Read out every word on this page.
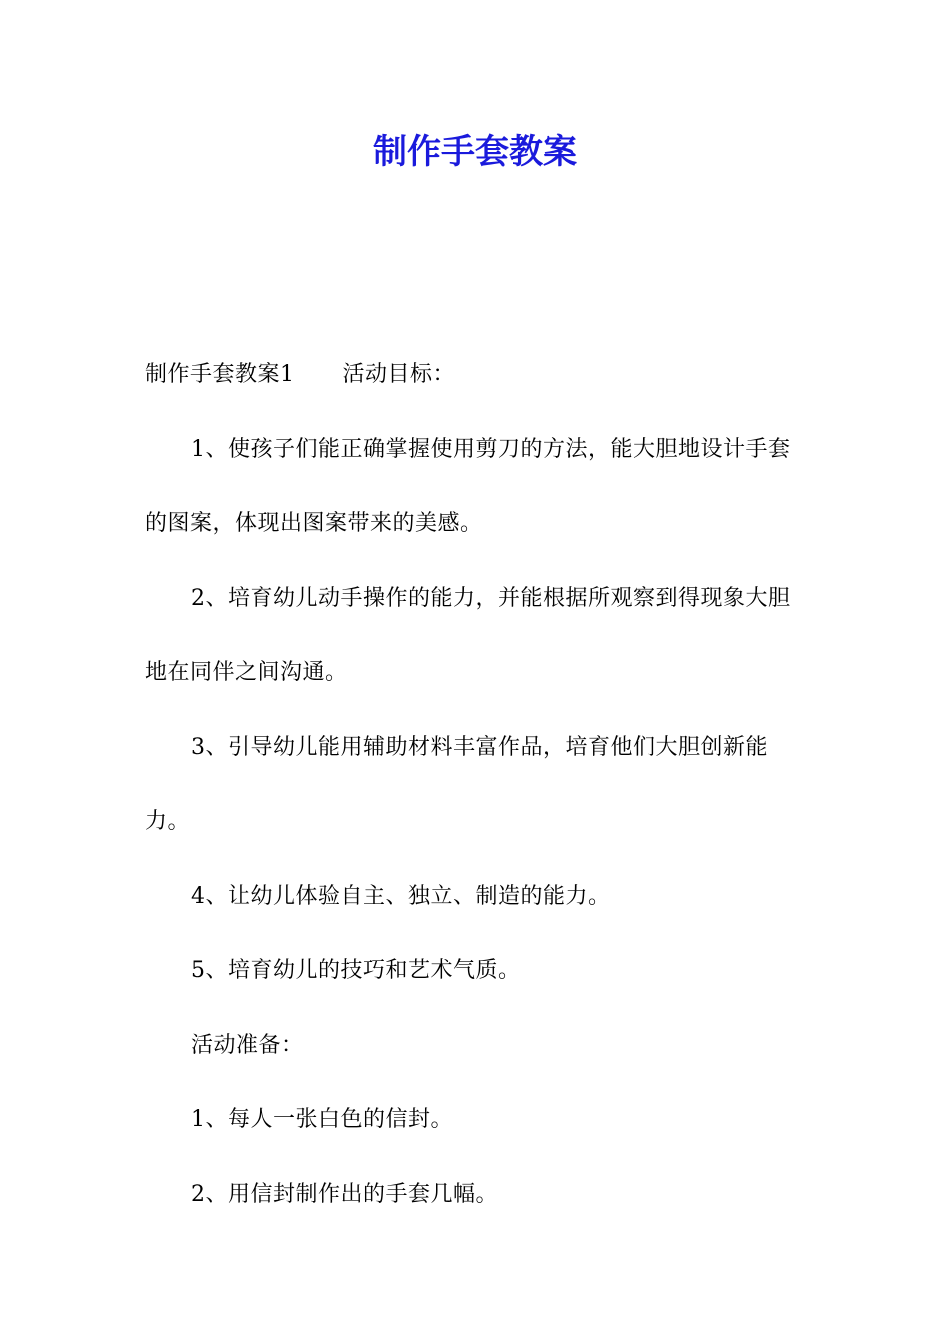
制作手套教案

制作手套教案1 活动目标：

1、使孩子们能正确掌握使用剪刀的方法，能大胆地设计手套的图案，体现出图案带来的美感。

2、培育幼儿动手操作的能力，并能根据所观察到得现象大胆地在同伴之间沟通。

3、引导幼儿能用辅助材料丰富作品，培育他们大胆创新能力。

4、让幼儿体验自主、独立、制造的能力。

5、培育幼儿的技巧和艺术气质。

活动准备：

1、每人一张白色的信封。

2、用信封制作出的手套几幅。
